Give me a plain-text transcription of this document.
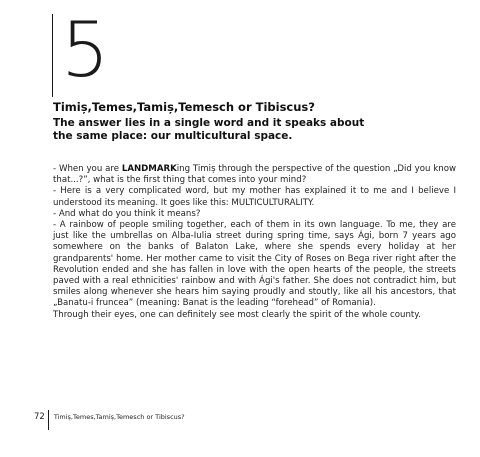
5
Timiș,Temes,Tamiș,Temesch or Tibiscus?
The answer lies in a single word and it speaks about the same place: our multicultural space.

- When you are LANDMARKing Timiș through the perspective of the question „Did you know that...?”, what is the first thing that comes into your mind?

- Here is a very complicated word, but my mother has explained it to me and I believe I understood its meaning. It goes like this: MULTICULTURALITY.

- And what do you think it means?

- A rainbow of people smiling together, each of them in its own language. To me, they are just like the umbrellas on Alba-Iulia street during spring time, says Ági, born 7 years ago somewhere on the banks of Balaton Lake, where she spends every holiday at her grandparents' home. Her mother came to visit the City of Roses on Bega river right after the Revolution ended and she has fallen in love with the open hearts of the people, the streets paved with a real ethnicities' rainbow and with Ági's father. She does not contradict him, but smiles along whenever she hears him saying proudly and stoutly, like all his ancestors, that „Banatu-i fruncea” (meaning: Banat is the leading “forehead” of Romania).

Through their eyes, one can definitely see most clearly the spirit of the whole county.

72 Timiș,Temes,Tamiș,Temesch or Tibiscus?
